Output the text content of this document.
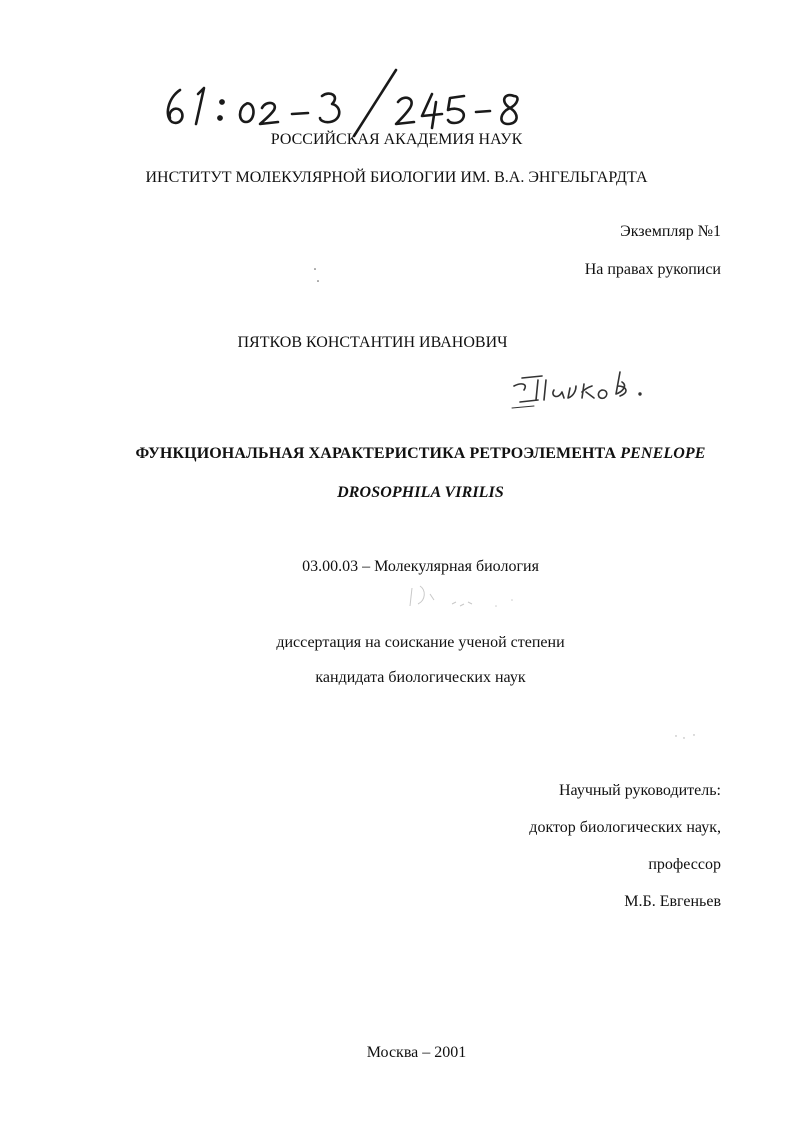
РОССИЙСКАЯ АКАДЕМИЯ НАУК
ИНСТИТУТ МОЛЕКУЛЯРНОЙ БИОЛОГИИ ИМ. В.А. ЭНГЕЛЬГАРДТА
Экземпляр №1
На правах рукописи
ПЯТКОВ КОНСТАНТИН ИВАНОВИЧ
ФУНКЦИОНАЛЬНАЯ ХАРАКТЕРИСТИКА РЕТРОЭЛЕМЕНТА PENELOPE
DROSOPHILA VIRILIS
03.00.03 – Молекулярная биология
диссертация на соискание ученой степени
кандидата биологических наук
Научный руководитель:
доктор биологических наук,
профессор
М.Б. Евгеньев
Москва – 2001
